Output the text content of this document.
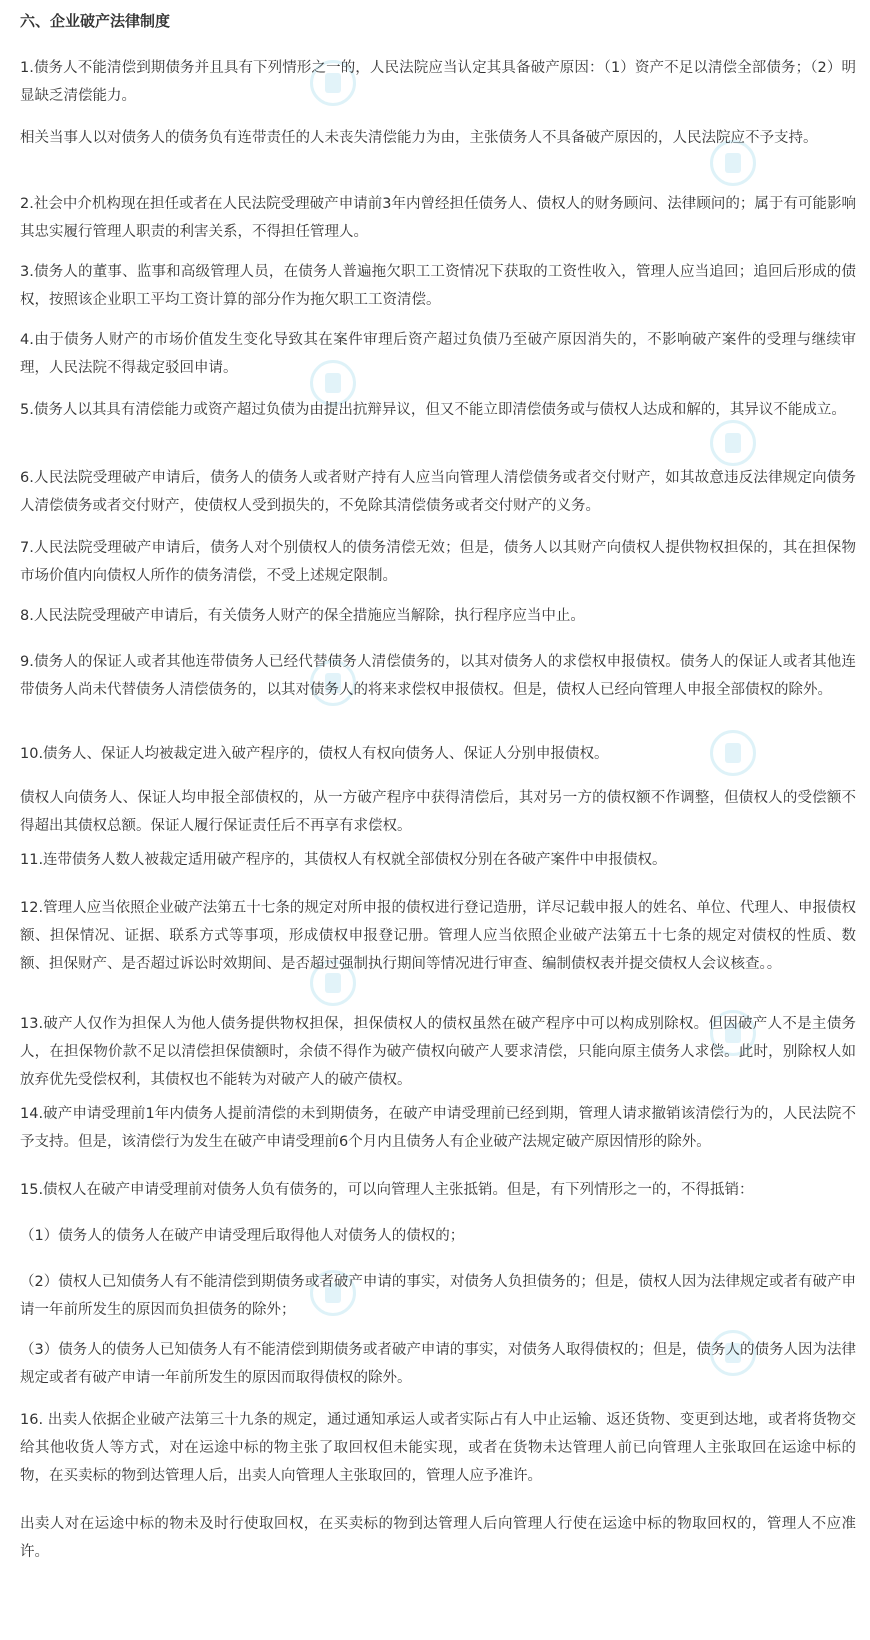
六、企业破产法律制度
1.债务人不能清偿到期债务并且具有下列情形之一的，人民法院应当认定其具备破产原因：（1）资产不足以清偿全部债务；（2）明显缺乏清偿能力。
相关当事人以对债务人的债务负有连带责任的人未丧失清偿能力为由，主张债务人不具备破产原因的，人民法院应不予支持。
2.社会中介机构现在担任或者在人民法院受理破产申请前3年内曾经担任债务人、债权人的财务顾问、法律顾问的；属于有可能影响其忠实履行管理人职责的利害关系，不得担任管理人。
3.债务人的董事、监事和高级管理人员，在债务人普遍拖欠职工工资情况下获取的工资性收入，管理人应当追回；追回后形成的债权，按照该企业职工平均工资计算的部分作为拖欠职工工资清偿。
4.由于债务人财产的市场价值发生变化导致其在案件审理后资产超过负债乃至破产原因消失的，不影响破产案件的受理与继续审理，人民法院不得裁定驳回申请。
5.债务人以其具有清偿能力或资产超过负债为由提出抗辩异议，但又不能立即清偿债务或与债权人达成和解的，其异议不能成立。
6.人民法院受理破产申请后，债务人的债务人或者财产持有人应当向管理人清偿债务或者交付财产，如其故意违反法律规定向债务人清偿债务或者交付财产，使债权人受到损失的，不免除其清偿债务或者交付财产的义务。
7.人民法院受理破产申请后，债务人对个别债权人的债务清偿无效；但是，债务人以其财产向债权人提供物权担保的，其在担保物市场价值内向债权人所作的债务清偿，不受上述规定限制。
8.人民法院受理破产申请后，有关债务人财产的保全措施应当解除，执行程序应当中止。
9.债务人的保证人或者其他连带债务人已经代替债务人清偿债务的，以其对债务人的求偿权申报债权。债务人的保证人或者其他连带债务人尚未代替债务人清偿债务的，以其对债务人的将来求偿权申报债权。但是，债权人已经向管理人申报全部债权的除外。
10.债务人、保证人均被裁定进入破产程序的，债权人有权向债务人、保证人分别申报债权。
债权人向债务人、保证人均申报全部债权的，从一方破产程序中获得清偿后，其对另一方的债权额不作调整，但债权人的受偿额不得超出其债权总额。保证人履行保证责任后不再享有求偿权。
11.连带债务人数人被裁定适用破产程序的，其债权人有权就全部债权分别在各破产案件中申报债权。
12.管理人应当依照企业破产法第五十七条的规定对所申报的债权进行登记造册，详尽记载申报人的姓名、单位、代理人、申报债权额、担保情况、证据、联系方式等事项，形成债权申报登记册。管理人应当依照企业破产法第五十七条的规定对债权的性质、数额、担保财产、是否超过诉讼时效期间、是否超过强制执行期间等情况进行审查、编制债权表并提交债权人会议核查。。
13.破产人仅作为担保人为他人债务提供物权担保，担保债权人的债权虽然在破产程序中可以构成别除权。但因破产人不是主债务人，在担保物价款不足以清偿担保债额时，余债不得作为破产债权向破产人要求清偿，只能向原主债务人求偿。此时，别除权人如放弃优先受偿权利，其债权也不能转为对破产人的破产债权。
14.破产申请受理前1年内债务人提前清偿的未到期债务，在破产申请受理前已经到期，管理人请求撤销该清偿行为的，人民法院不予支持。但是，该清偿行为发生在破产申请受理前6个月内且债务人有企业破产法规定破产原因情形的除外。
15.债权人在破产申请受理前对债务人负有债务的，可以向管理人主张抵销。但是，有下列情形之一的，不得抵销：
（1）债务人的债务人在破产申请受理后取得他人对债务人的债权的；
（2）债权人已知债务人有不能清偿到期债务或者破产申请的事实，对债务人负担债务的；但是，债权人因为法律规定或者有破产申请一年前所发生的原因而负担债务的除外；
（3）债务人的债务人已知债务人有不能清偿到期债务或者破产申请的事实，对债务人取得债权的；但是，债务人的债务人因为法律规定或者有破产申请一年前所发生的原因而取得债权的除外。
16. 出卖人依据企业破产法第三十九条的规定，通过通知承运人或者实际占有人中止运输、返还货物、变更到达地，或者将货物交给其他收货人等方式，对在运途中标的物主张了取回权但未能实现，或者在货物未达管理人前已向管理人主张取回在运途中标的物，在买卖标的物到达管理人后，出卖人向管理人主张取回的，管理人应予准许。
出卖人对在运途中标的物未及时行使取回权，在买卖标的物到达管理人后向管理人行使在运途中标的物取回权的，管理人不应准许。
